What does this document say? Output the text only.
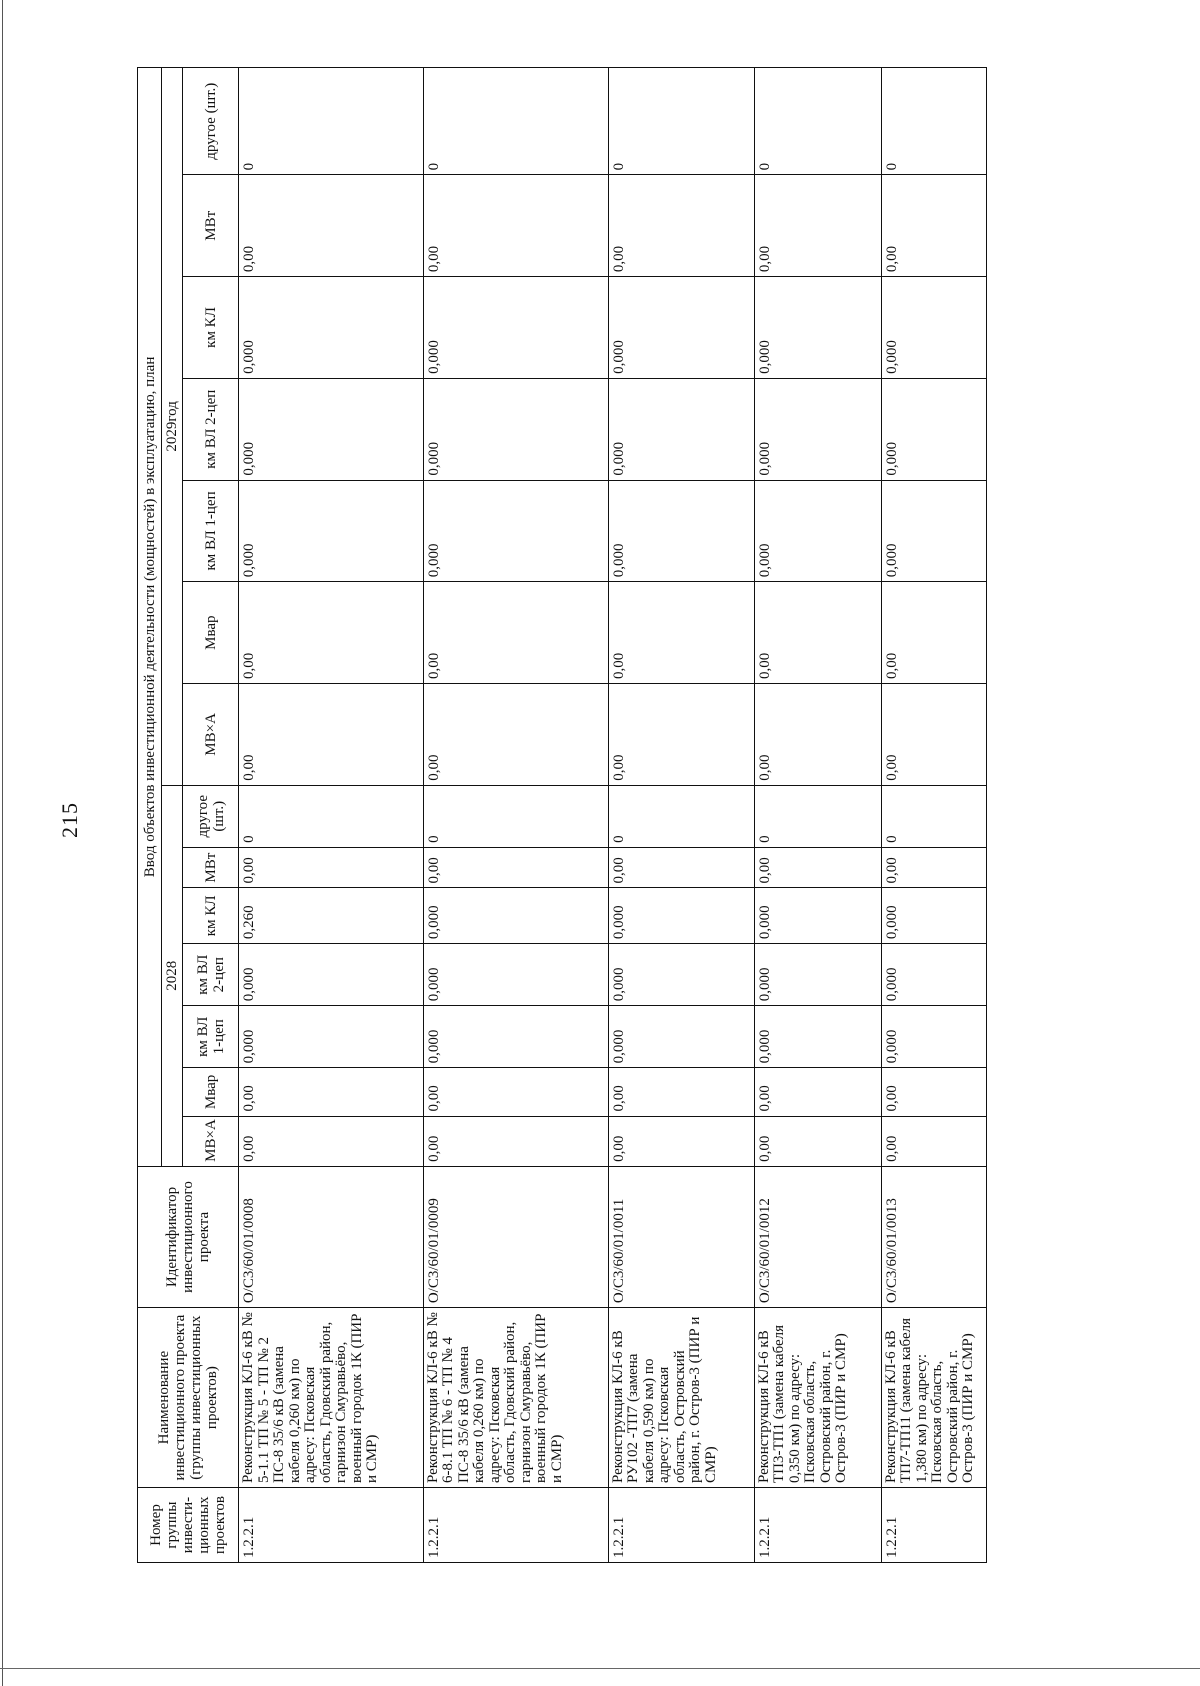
215
Номер группы инвести-ционных проектов	Наименование инвестиционного проекта (группы инвестиционных проектов)	Идентификатор инвестиционного проекта	Ввод объектов инвестиционной деятельности (мощностей) в эксплуатацию, план														
			2028							2029год							
			МВ×А	Мвар	км ВЛ 1-цеп	км ВЛ 2-цеп	км КЛ	МВт	другое (шт.)	МВ×А	Мвар	км ВЛ 1-цеп	км ВЛ 2-цеп	км КЛ	МВт	другое (шт.)	
1.2.2.1	Реконструкция КЛ-6 кВ № 5-1.1 ТП № 5 - ТП № 2 ПС-8 35/6 кВ (замена кабеля 0,260 км) по адресу: Псковская область, Гдовский район, гарнизон Смуравьёво, военный городок 1К (ПИР и СМР)	O/C3/60/01/0008	0,00	0,00	0,000	0,000	0,260	0,00	0	0,00	0,00	0,000	0,000	0,000	0,00	0	
1.2.2.1	Реконструкция КЛ-6 кВ № 6-8.1 ТП № 6 - ТП № 4 ПС-8 35/6 кВ (замена кабеля 0,260 км) по адресу: Псковская область, Гдовский район, гарнизон Смуравьёво, военный городок 1К (ПИР и СМР)	O/C3/60/01/0009	0,00	0,00	0,000	0,000	0,000	0,00	0	0,00	0,00	0,000	0,000	0,000	0,00	0	
1.2.2.1	Реконструкция КЛ-6 кВ РУ102 -ТП7 (замена кабеля 0,590 км) по адресу: Псковская область, Островский район, г. Остров-3 (ПИР и СМР)	O/C3/60/01/0011	0,00	0,00	0,000	0,000	0,000	0,00	0	0,00	0,00	0,000	0,000	0,000	0,00	0	
1.2.2.1	Реконструкция КЛ-6 кВ ТП3-ТП1 (замена кабеля 0,350 км) по адресу: Псковская область, Островский район, г. Остров-3 (ПИР и СМР)	O/C3/60/01/0012	0,00	0,00	0,000	0,000	0,000	0,00	0	0,00	0,00	0,000	0,000	0,000	0,00	0	
1.2.2.1	Реконструкция КЛ-6 кВ ТП7-ТП11 (замена кабеля 1,380 км) по адресу: Псковская область, Островский район, г. Остров-3 (ПИР и СМР)	O/C3/60/01/0013	0,00	0,00	0,000	0,000	0,000	0,00	0	0,00	0,00	0,000	0,000	0,000	0,00	0	
